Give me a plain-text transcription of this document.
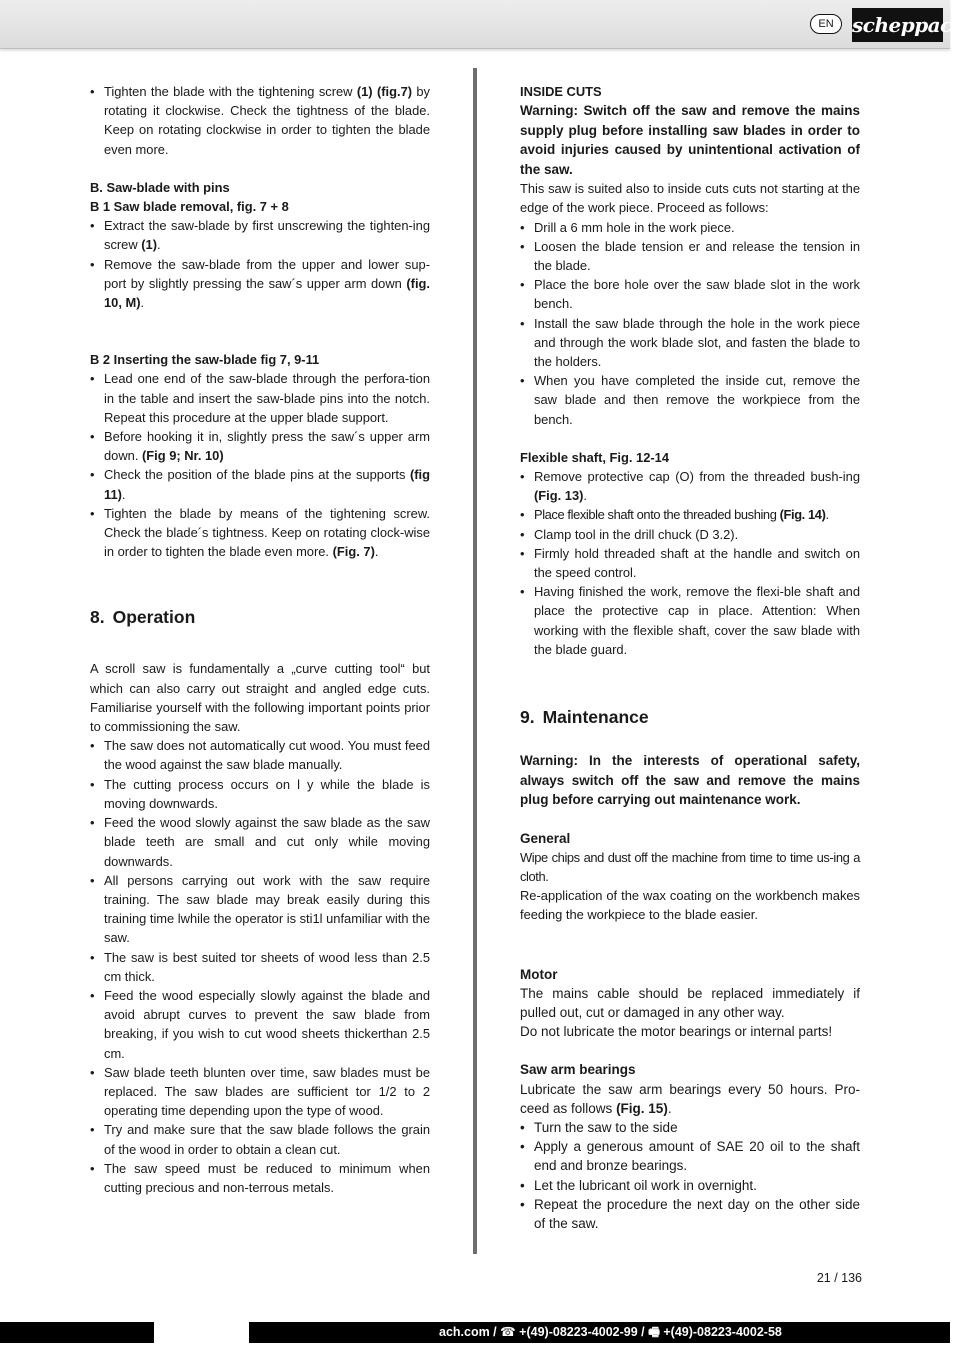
EN scheppach
• Tighten the blade with the tightening screw (1) (fig.7) by rotating it clockwise. Check the tightness of the blade. Keep on rotating clockwise in order to tighten the blade even more.

B. Saw-blade with pins

B 1 Saw blade removal, fig. 7 + 8

• Extract the saw-blade by first unscrewing the tighten-ing screw (1).
• Remove the saw-blade from the upper and lower sup-port by slightly pressing the saw´s upper arm down (fig. 10, M).

B 2 Inserting the saw-blade fig 7, 9-11

• Lead one end of the saw-blade through the perfora-tion in the table and insert the saw-blade pins into the notch. Repeat this procedure at the upper blade support.
• Before hooking it in, slightly press the saw´s upper arm down. (Fig 9; Nr. 10)
• Check the position of the blade pins at the supports (fig 11).
• Tighten the blade by means of the tightening screw. Check the blade´s tightness. Keep on rotating clock-wise in order to tighten the blade even more. (Fig. 7).
8. Operation

A scroll saw is fundamentally a „curve cutting tool“ but which can also carry out straight and angled edge cuts. Familiarise yourself with the following important points prior to commissioning the saw.

• The saw does not automatically cut wood. You must feed the wood against the saw blade manually.
• The cutting process occurs on l y while the blade is moving downwards.
• Feed the wood slowly against the saw blade as the saw blade teeth are small and cut only while moving downwards.
• All persons carrying out work with the saw require training. The saw blade may break easily during this training time lwhile the operator is sti1l unfamiliar with the saw.
• The saw is best suited tor sheets of wood less than 2.5 cm thick.
• Feed the wood especially slowly against the blade and avoid abrupt curves to prevent the saw blade from breaking, if you wish to cut wood sheets thickerthan 2.5 cm.
• Saw blade teeth blunten over time, saw blades must be replaced. The saw blades are sufficient tor 1/2 to 2 operating time depending upon the type of wood.
• Try and make sure that the saw blade follows the grain of the wood in order to obtain a clean cut.
• The saw speed must be reduced to minimum when cutting precious and non-terrous metals.

INSIDE CUTS

Warning: Switch off the saw and remove the mains supply plug before installing saw blades in order to avoid injuries caused by unintentional activation of the saw.

This saw is suited also to inside cuts cuts not starting at the edge of the work piece. Proceed as follows:

• Drill a 6 mm hole in the work piece.
• Loosen the blade tension er and release the tension in the blade.
• Place the bore hole over the saw blade slot in the work bench.
• Install the saw blade through the hole in the work piece and through the work blade slot, and fasten the blade to the holders.
• When you have completed the inside cut, remove the saw blade and then remove the workpiece from the bench.

Flexible shaft, Fig. 12-14

• Remove protective cap (O) from the threaded bush-ing (Fig. 13).
• Place flexible shaft onto the threaded bushing (Fig. 14).
• Clamp tool in the drill chuck (D 3.2).
• Firmly hold threaded shaft at the handle and switch on the speed control.
• Having finished the work, remove the flexi-ble shaft and place the protective cap in place. Attention: When working with the flexible shaft, cover the saw blade with the blade guard.
9. Maintenance

Warning: In the interests of operational safety, always switch off the saw and remove the mains plug before carrying out maintenance work.

General

Wipe chips and dust off the machine from time to time us-ing a cloth.

Re-application of the wax coating on the workbench makes feeding the workpiece to the blade easier.

Motor

The mains cable should be replaced immediately if pulled out, cut or damaged in any other way.

Do not lubricate the motor bearings or internal parts!

Saw arm bearings

Lubricate the saw arm bearings every 50 hours. Pro-ceed as follows (Fig. 15).

• Turn the saw to the side
• Apply a generous amount of SAE 20 oil to the shaft end and bronze bearings.
• Let the lubricant oil work in overnight.
• Repeat the procedure the next day on the other side of the saw.
21 / 136
ach.com / ☎ +(49)-08223-4002-99 / 🖷 +(49)-08223-4002-58
